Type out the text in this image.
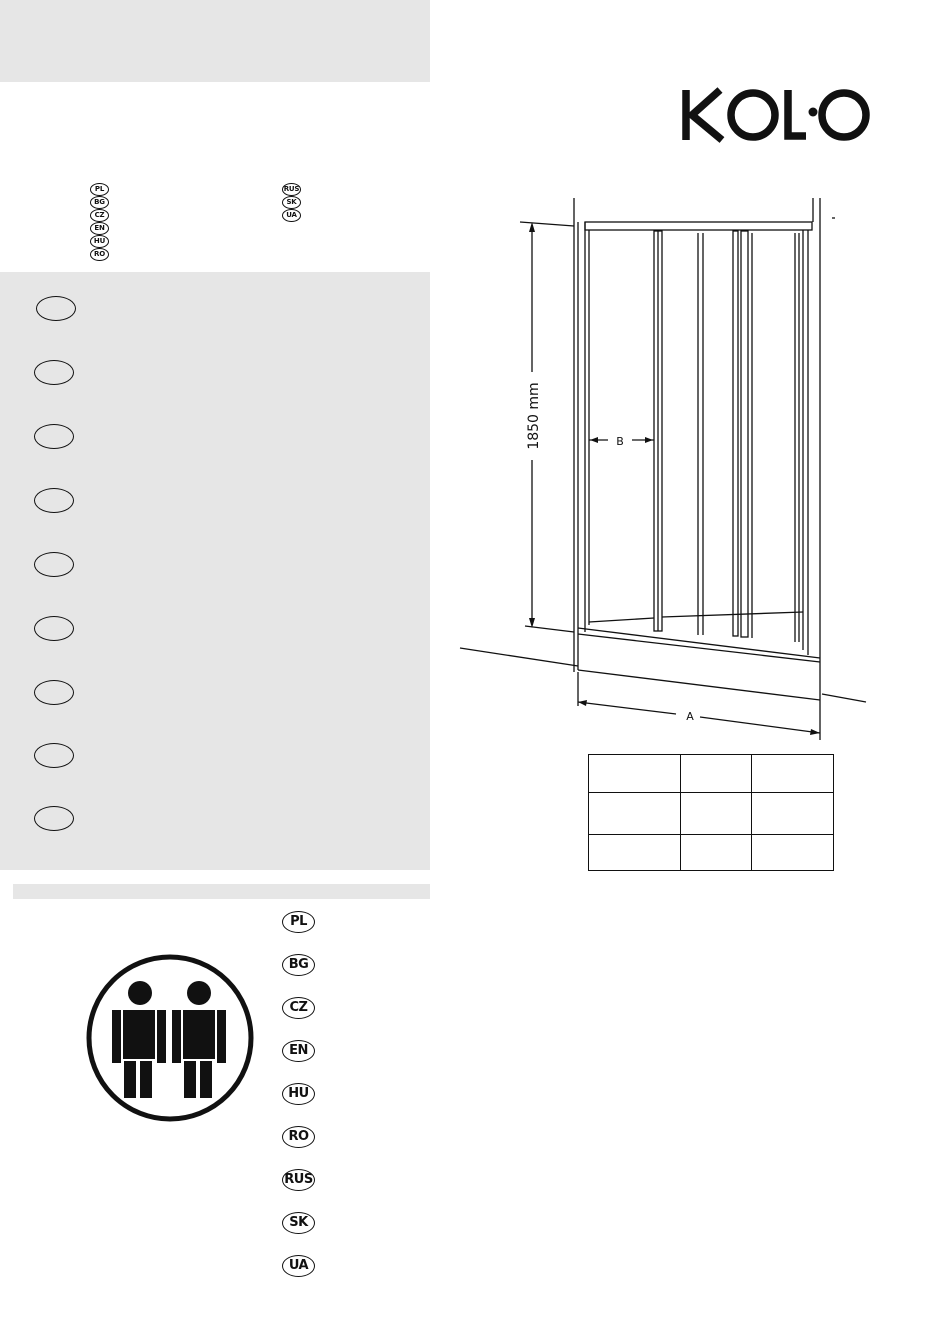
KOLO
PL
BG
CZ
EN
HU
RO
RUS
SK
UA
PL
BG
CZ
EN
HU
RO
RUS
SK
UA
1850 mm	B
A
